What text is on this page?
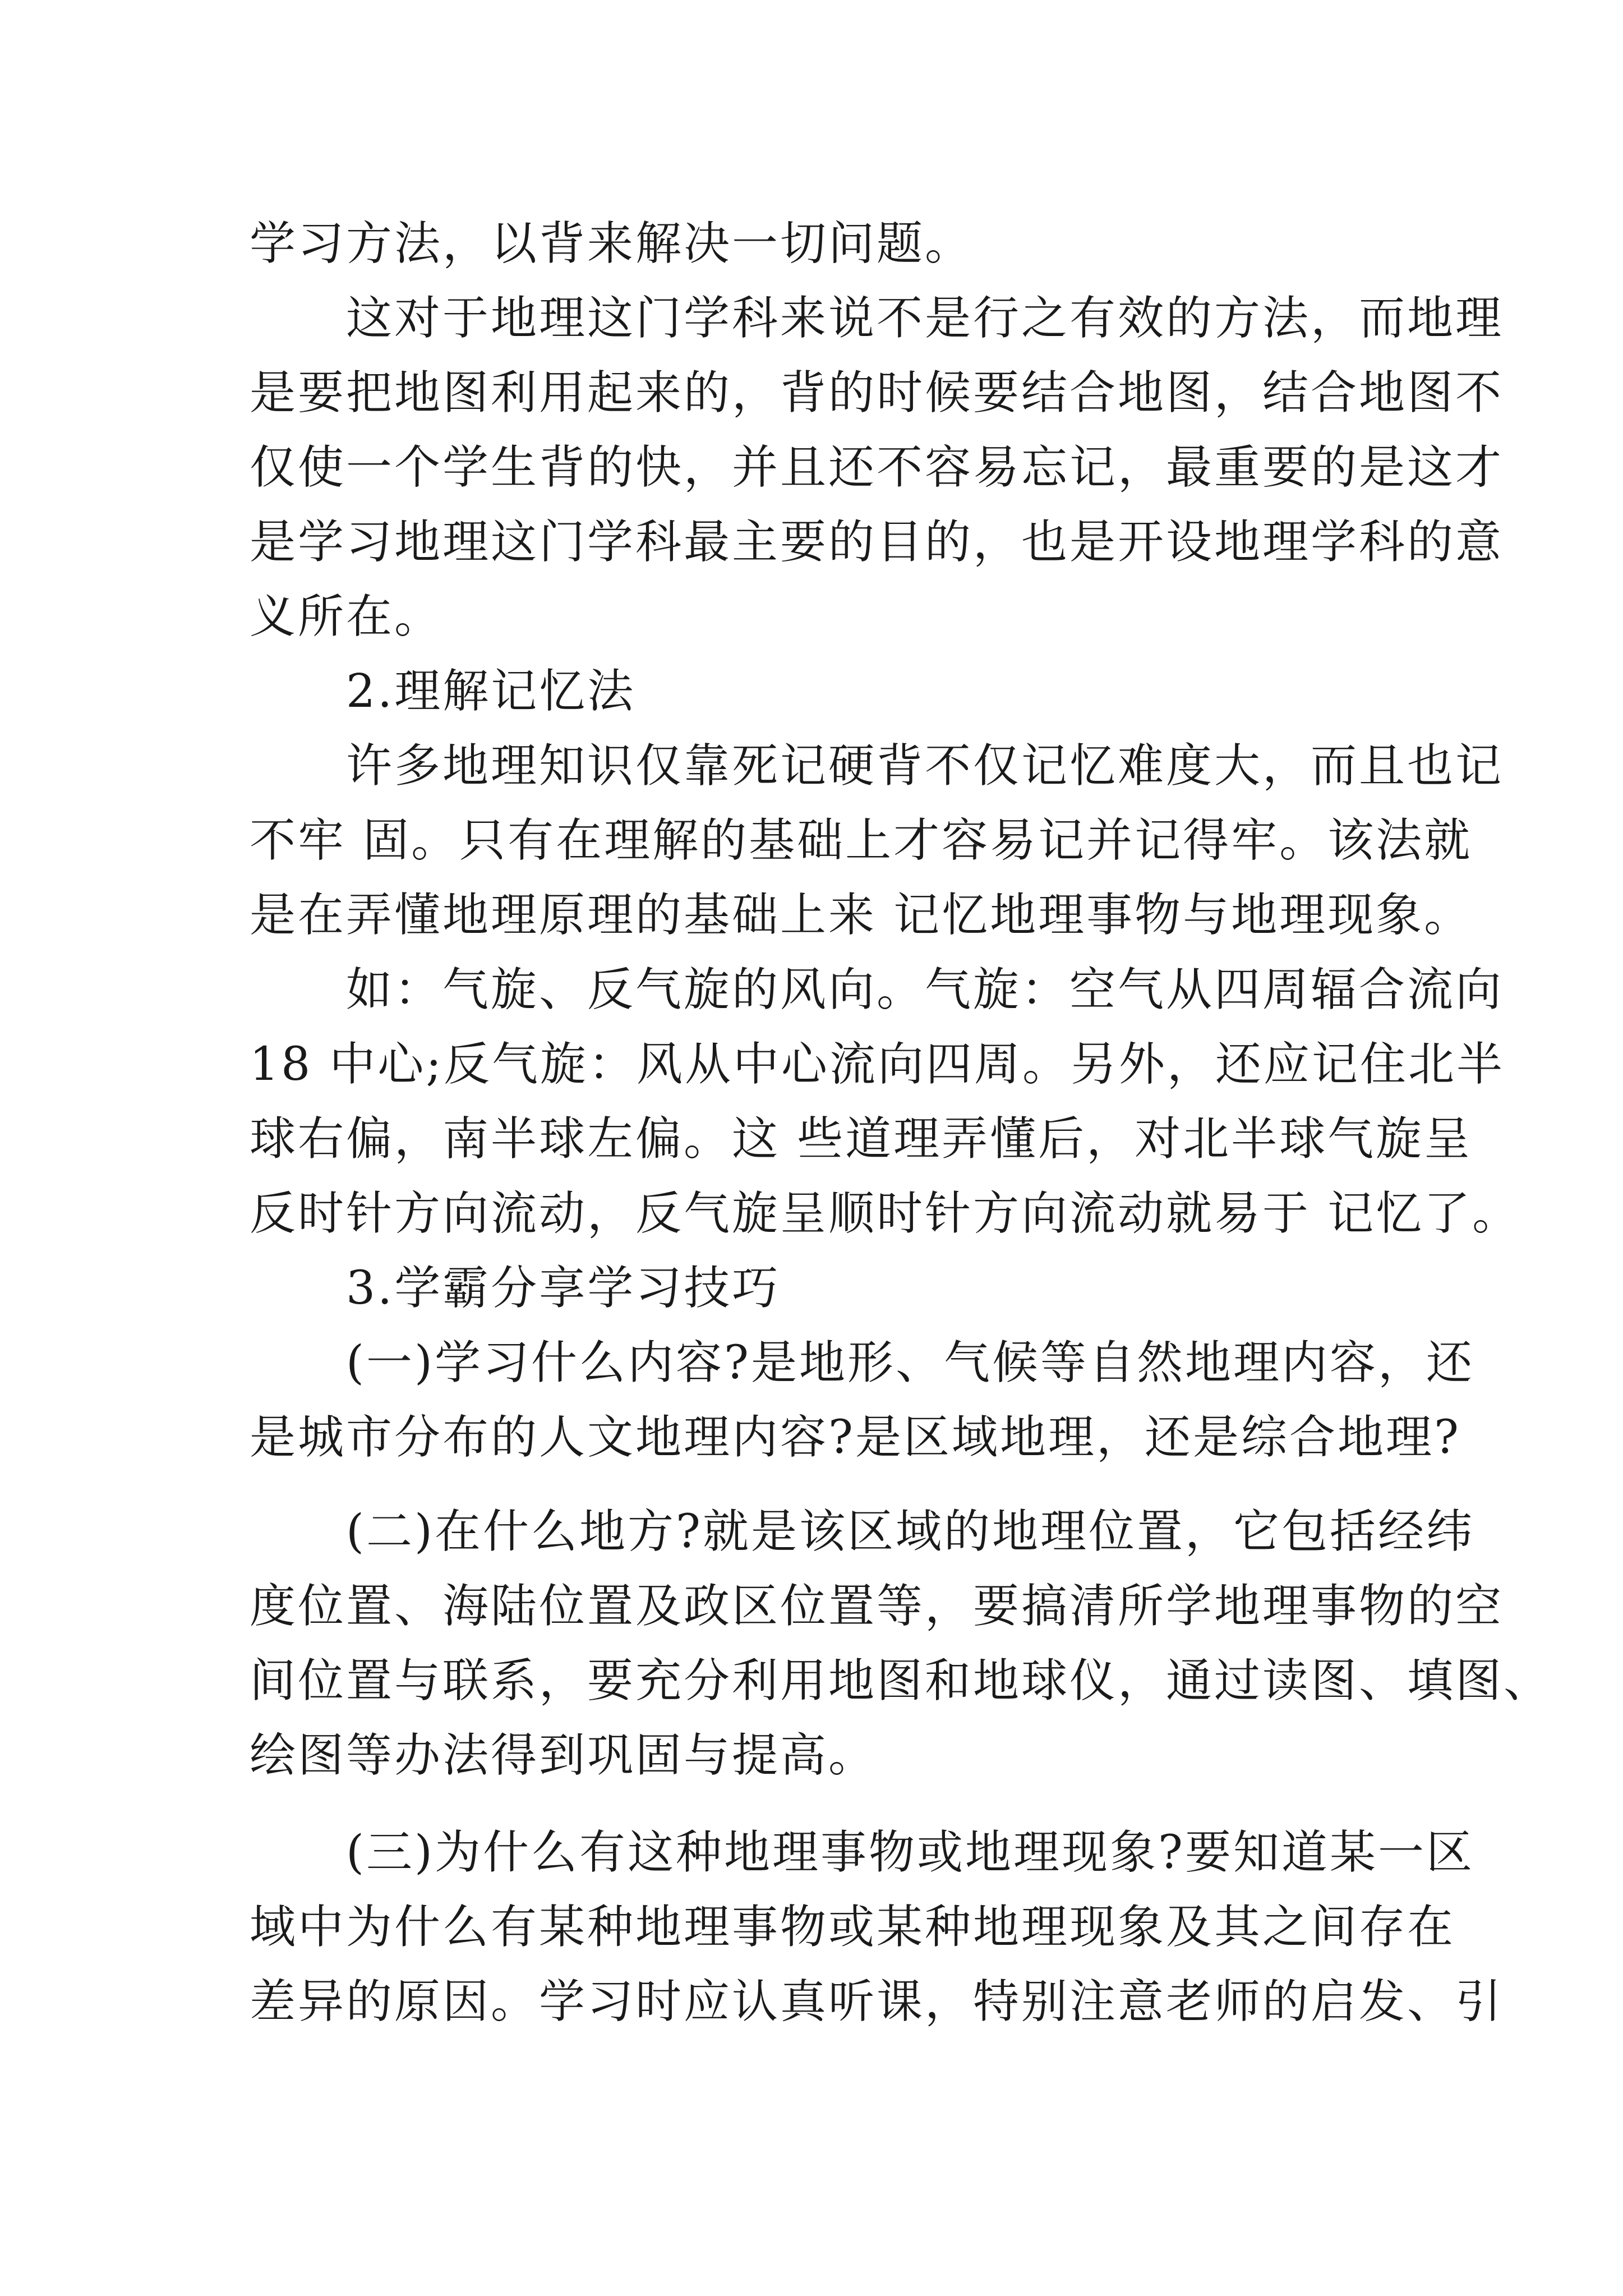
学习方法，以背来解决一切问题。
　　这对于地理这门学科来说不是行之有效的方法，而地理
是要把地图利用起来的，背的时候要结合地图，结合地图不
仅使一个学生背的快，并且还不容易忘记，最重要的是这才
是学习地理这门学科最主要的目的，也是开设地理学科的意
义所在。
　　2.理解记忆法
　　许多地理知识仅靠死记硬背不仅记忆难度大，而且也记
不牢 固。只有在理解的基础上才容易记并记得牢。该法就
是在弄懂地理原理的基础上来 记忆地理事物与地理现象。
　　如：气旋、反气旋的风向。气旋：空气从四周辐合流向
18 中心;反气旋：风从中心流向四周。另外，还应记住北半
球右偏，南半球左偏。这 些道理弄懂后，对北半球气旋呈
反时针方向流动，反气旋呈顺时针方向流动就易于 记忆了。
　　3.学霸分享学习技巧
　　(一)学习什么内容?是地形、气候等自然地理内容，还
是城市分布的人文地理内容?是区域地理，还是综合地理?
　　(二)在什么地方?就是该区域的地理位置，它包括经纬
度位置、海陆位置及政区位置等，要搞清所学地理事物的空
间位置与联系，要充分利用地图和地球仪，通过读图、填图、
绘图等办法得到巩固与提高。
　　(三)为什么有这种地理事物或地理现象?要知道某一区
域中为什么有某种地理事物或某种地理现象及其之间存在
差异的原因。学习时应认真听课，特别注意老师的启发、引
